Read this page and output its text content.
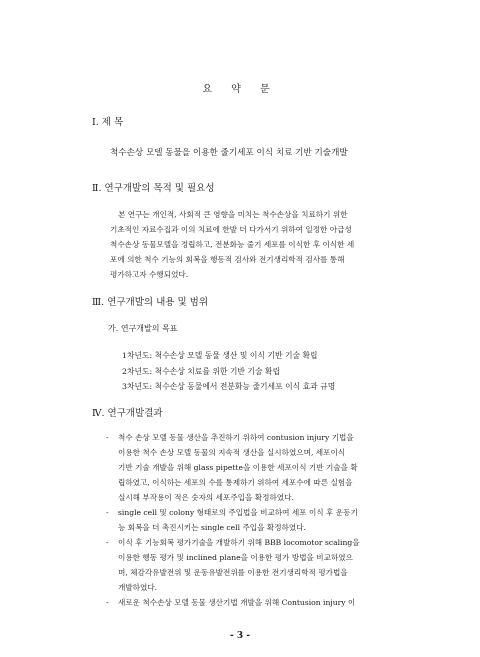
요 약 문
Ⅰ. 제 목
척수손상 모델 동물을 이용한 줄기세포 이식 치료 기반 기술개발
Ⅱ. 연구개발의 목적 및 필요성
본 연구는 개인적, 사회적 큰 영향을 미치는 척수손상을 치료하기 위한
기초적인 자료수집과 이의 치료에 한발 더 다가서기 위하여 일정한 아급성
척수손상 동물모델을 정립하고, 전분화능 줄기 세포를 이식한 후 이식한 세
포에 의한 척수 기능의 회복을 행동적 검사와 전기생리학적 검사를 통해
평가하고자 수행되었다.
Ⅲ. 연구개발의 내용 및 범위
가. 연구개발의 목표
1차년도: 척수손상 모델 동물 생산 및 이식 기반 기술 확립
2차년도: 척수손상 치료를 위한 기반 기술 확립
3차년도: 척수손상 동물에서 전분화능 줄기세포 이식 효과 규명
Ⅳ. 연구개발결과
- 척수 손상 모델 동물 생산을 추진하기 위하여 contusion injury 기법을
이용한 척수 손상 모델 동물의 지속적 생산을 실시하였으며, 세포이식
기반 기술 개발을 위해 glass pipette을 이용한 세포이식 기반 기술을 확
립하였고, 이식하는 세포의 수를 통제하기 위하여 세포수에 따른 실험을
실시해 부작용이 적은 숫자의 세포주입을 확정하였다.
- single cell 및 colony 형태로의 주입법을 비교하여 세포 이식 후 운동기
능 회복을 더 촉진시키는 single cell 주입을 확정하였다.
- 이식 후 기능회복 평가기술을 개발하기 위해 BBB locomotor scaling을
이용한 행동 평가 및 inclined plane을 이용한 평가 방법을 비교하였으
며, 체감각유발전위 및 운동유발전위를 이용한 전기생리학적 평가법을
개발하였다.
- 새로운 척수손상 모델 동물 생산기법 개발을 위해 Contusion injury 이
- 3 -
